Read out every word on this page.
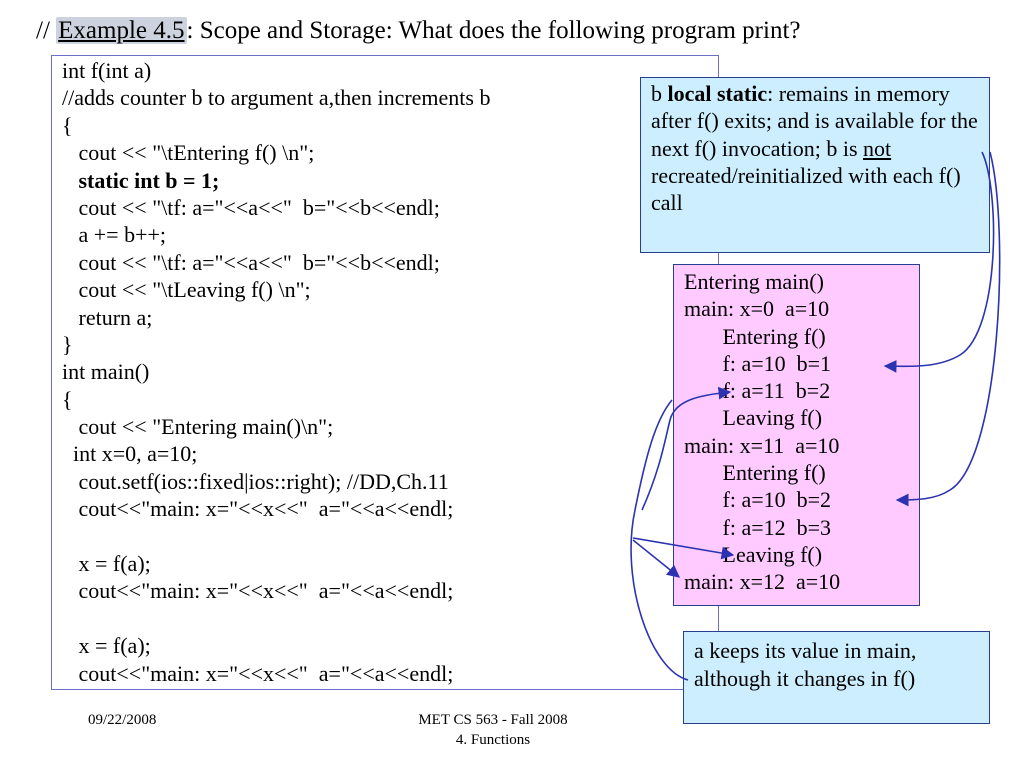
// Example 4.5: Scope and Storage: What does the following program print?
int f(int a)
//adds counter b to argument a,then increments b
{
cout << "\tEntering f() \n";
static int b = 1;
cout << "\tf: a="<<a<<"  b="<<b<<endl;
a += b++;
cout << "\tf: a="<<a<<"  b="<<b<<endl;
cout << "\tLeaving f() \n";
return a;
}
int main()
{
cout << "Entering main()\n";
int x=0, a=10;
cout.setf(ios::fixed|ios::right); //DD,Ch.11
cout<<"main: x="<<x<<"  a="<<a<<endl;
x = f(a);
cout<<"main: x="<<x<<"  a="<<a<<endl;
x = f(a);
cout<<"main: x="<<x<<"  a="<<a<<endl;
b local static: remains in memory after f() exits; and is available for the next f() invocation; b is not recreated/reinitialized with each f() call
Entering main()
main: x=0  a=10
Entering f()
f: a=10  b=1
f: a=11  b=2
Leaving f()
main: x=11  a=10
Entering f()
f: a=10  b=2
f: a=12  b=3
Leaving f()
main: x=12  a=10
a keeps its value in main, although it changes in f()
09/22/2008	MET CS 563 - Fall 2008
4. Functions
